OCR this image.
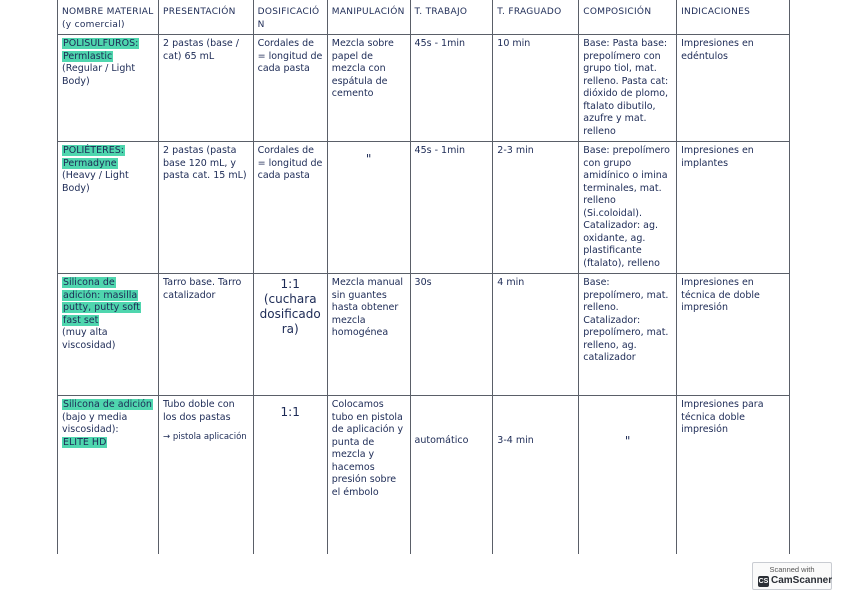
NOMBRE MATERIAL (y comercial)	PRESENTACIÓN	DOSIFICACIÓN	MANIPULACIÓN	T. TRABAJO	T. FRAGUADO	COMPOSICIÓN	INDICACIONES
POLISULFUROS: Permlastic
(Regular / Light Body)	2 pastas (base / cat) 65 mL	Cordales de = longitud de cada pasta	Mezcla sobre papel de mezcla con espátula de cemento	45s - 1min	10 min	Base: Pasta base: prepolímero con grupo tiol, mat. relleno. Pasta cat: dióxido de plomo, ftalato dibutilo, azufre y mat. relleno	Impresiones en edéntulos
POLIÉTERES: Permadyne
(Heavy / Light Body)	2 pastas (pasta base 120 mL, y pasta cat. 15 mL)	Cordales de = longitud de cada pasta	"	45s - 1min	2-3 min	Base: prepolímero con grupo amidínico o imina terminales, mat. relleno (Si.coloidal). Catalizador: ag. oxidante, ag. plastificante (ftalato), relleno	Impresiones en implantes
Silicona de adición: masilla putty, putty soft fast set
(muy alta viscosidad)	Tarro base. Tarro catalizador	1:1 (cuchara dosificadora)	Mezcla manual sin guantes hasta obtener mezcla homogénea	30s	4 min	Base: prepolímero, mat. relleno. Catalizador: prepolímero, mat. relleno, ag. catalizador	Impresiones en técnica de doble impresión
Silicona de adición
(bajo y media viscosidad):
ELITE HD	Tubo doble con los dos pastas
→ pistola aplicación	1:1	Colocamos tubo en pistola de aplicación y punta de mezcla y hacemos presión sobre el émbolo	automático	3-4 min	"	Impresiones para técnica doble impresión
Scanned with
CS CamScanner
